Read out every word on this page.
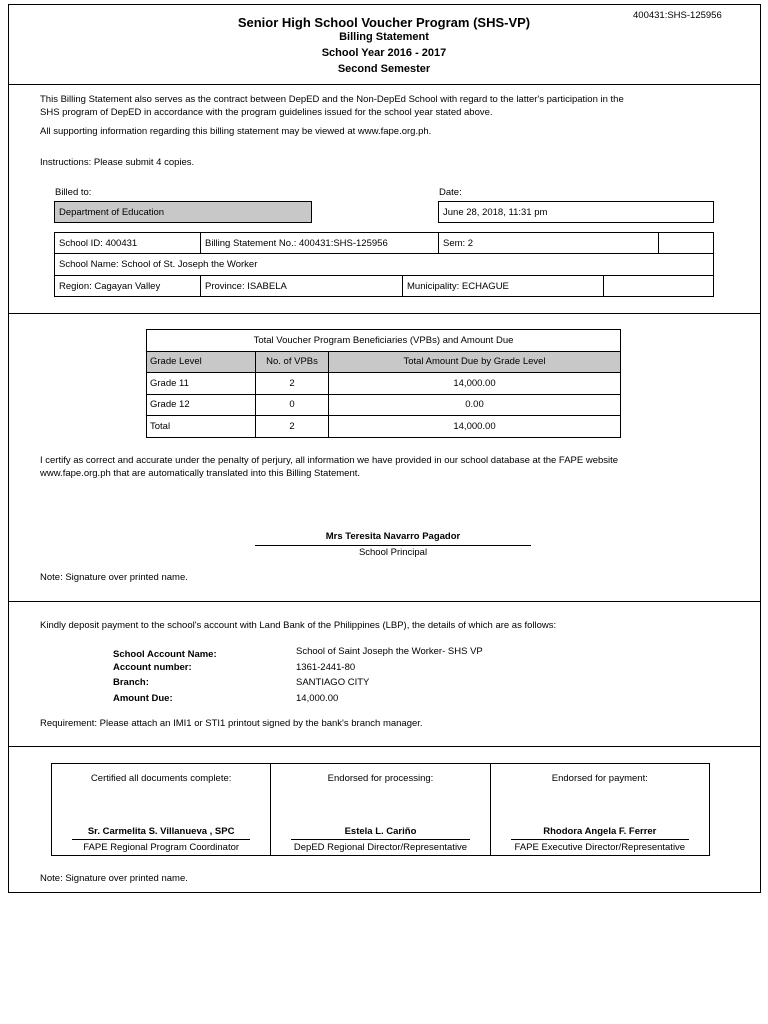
400431:SHS-125956
Senior High School Voucher Program (SHS-VP)
Billing Statement
School Year 2016 - 2017
Second Semester
This Billing Statement also serves as the contract between DepED and the Non-DepEd School with regard to the latter's participation in the
SHS program of DepED in accordance with the program guidelines issued for the school year stated above.
All supporting information regarding this billing statement may be viewed at www.fape.org.ph.
Instructions: Please submit 4 copies.
Billed to:	Date:
Department of Education	June 28, 2018, 11:31 pm
School ID: 400431	Billing Statement No.: 400431:SHS-125956	Sem: 2
School Name: School of St. Joseph the Worker
Region: Cagayan Valley	Province: ISABELA	Municipality: ECHAGUE
Total Voucher Program Beneficiaries (VPBs) and Amount Due		
Grade Level	No. of VPBs	Total Amount Due by Grade Level
Grade 11	2	14,000.00
Grade 12	0	0.00
Total	2	14,000.00
I certify as correct and accurate under the penalty of perjury, all information we have provided in our school database at the FAPE website
www.fape.org.ph that are automatically translated into this Billing Statement.
Mrs Teresita Navarro Pagador
School Principal
Note: Signature over printed name.
Kindly deposit payment to the school's account with Land Bank of the Philippines (LBP), the details of which are as follows:
School Account Name:	School of Saint Joseph the Worker- SHS VP
Account number:	1361-2441-80
Branch:	SANTIAGO CITY
Amount Due:	14,000.00
Requirement: Please attach an IMI1 or STI1 printout signed by the bank's branch manager.
Certified all documents complete:
Sr. Carmelita S. Villanueva , SPC
FAPE Regional Program Coordinator
Endorsed for processing:
Estela L. Cariño
DepED Regional Director/Representative
Endorsed for payment:
Rhodora Angela F. Ferrer
FAPE Executive Director/Representative
Note: Signature over printed name.
